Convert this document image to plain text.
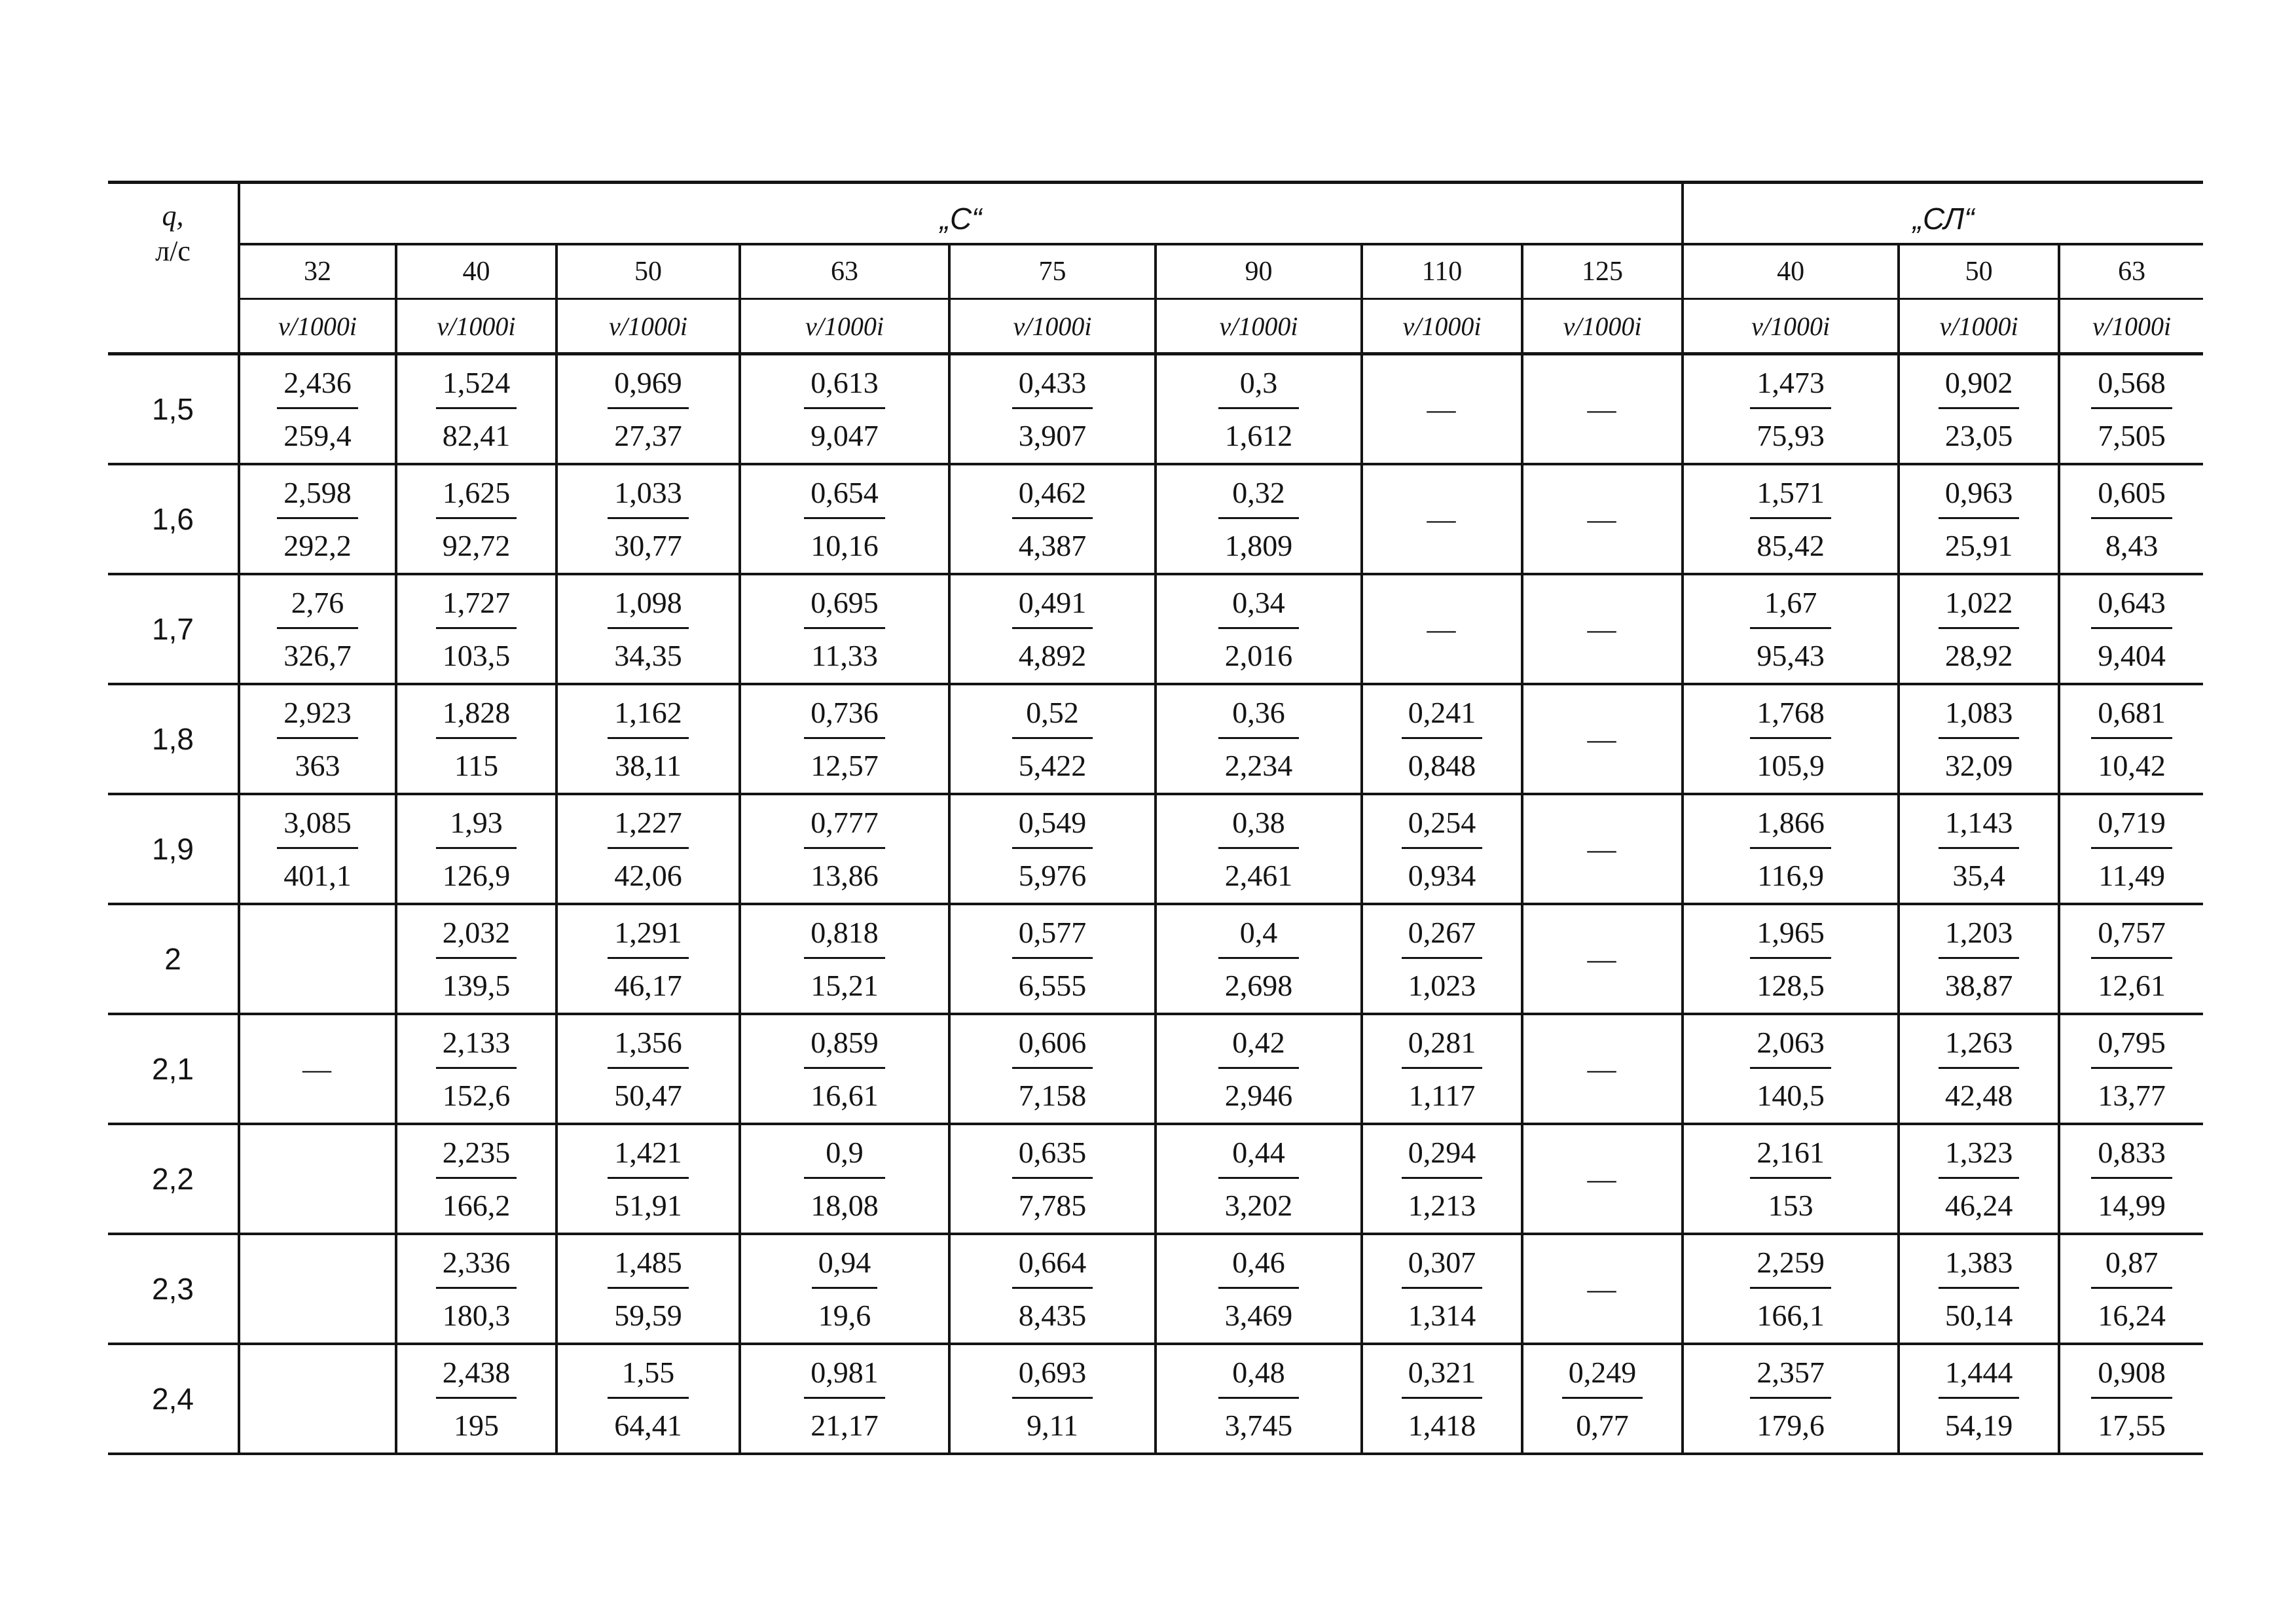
q,
л/с	„С“								„СЛ“		
	32	40	50	63	75	90	110	125	40	50	63
	v/1000i	v/1000i	v/1000i	v/1000i	v/1000i	v/1000i	v/1000i	v/1000i	v/1000i	v/1000i	v/1000i
1,5	$\frac{2,436}{259,4}$	$\frac{1,524}{82,41}$	$\frac{0,969}{27,37}$	$\frac{0,613}{9,047}$	$\frac{0,433}{3,907}$	$\frac{0,3}{1,612}$	—	—	$\frac{1,473}{75,93}$	$\frac{0,902}{23,05}$	$\frac{0,568}{7,505}$

1,6	$\frac{2,598}{292,2}$	$\frac{1,625}{92,72}$	$\frac{1,033}{30,77}$	$\frac{0,654}{10,16}$	$\frac{0,462}{4,387}$	$\frac{0,32}{1,809}$	—	—	$\frac{1,571}{85,42}$	$\frac{0,963}{25,91}$	$\frac{0,605}{8,43}$

1,7	$\frac{2,76}{326,7}$	$\frac{1,727}{103,5}$	$\frac{1,098}{34,35}$	$\frac{0,695}{11,33}$	$\frac{0,491}{4,892}$	$\frac{0,34}{2,016}$	—	—	$\frac{1,67}{95,43}$	$\frac{1,022}{28,92}$	$\frac{0,643}{9,404}$

1,8	$\frac{2,923}{363}$	$\frac{1,828}{115}$	$\frac{1,162}{38,11}$	$\frac{0,736}{12,57}$	$\frac{0,52}{5,422}$	$\frac{0,36}{2,234}$	$\frac{0,241}{0,848}$	—	$\frac{1,768}{105,9}$	$\frac{1,083}{32,09}$	$\frac{0,681}{10,42}$

1,9	$\frac{3,085}{401,1}$	$\frac{1,93}{126,9}$	$\frac{1,227}{42,06}$	$\frac{0,777}{13,86}$	$\frac{0,549}{5,976}$	$\frac{0,38}{2,461}$	$\frac{0,254}{0,934}$	—	$\frac{1,866}{116,9}$	$\frac{1,143}{35,4}$	$\frac{0,719}{11,49}$

2		$\frac{2,032}{139,5}$	$\frac{1,291}{46,17}$	$\frac{0,818}{15,21}$	$\frac{0,577}{6,555}$	$\frac{0,4}{2,698}$	$\frac{0,267}{1,023}$	—	$\frac{1,965}{128,5}$	$\frac{1,203}{38,87}$	$\frac{0,757}{12,61}$

2,1	—	$\frac{2,133}{152,6}$	$\frac{1,356}{50,47}$	$\frac{0,859}{16,61}$	$\frac{0,606}{7,158}$	$\frac{0,42}{2,946}$	$\frac{0,281}{1,117}$	—	$\frac{2,063}{140,5}$	$\frac{1,263}{42,48}$	$\frac{0,795}{13,77}$

2,2		$\frac{2,235}{166,2}$	$\frac{1,421}{51,91}$	$\frac{0,9}{18,08}$	$\frac{0,635}{7,785}$	$\frac{0,44}{3,202}$	$\frac{0,294}{1,213}$	—	$\frac{2,161}{153}$	$\frac{1,323}{46,24}$	$\frac{0,833}{14,99}$

2,3		$\frac{2,336}{180,3}$	$\frac{1,485}{59,59}$	$\frac{0,94}{19,6}$	$\frac{0,664}{8,435}$	$\frac{0,46}{3,469}$	$\frac{0,307}{1,314}$	—	$\frac{2,259}{166,1}$	$\frac{1,383}{50,14}$	$\frac{0,87}{16,24}$

2,4		$\frac{2,438}{195}$	$\frac{1,55}{64,41}$	$\frac{0,981}{21,17}$	$\frac{0,693}{9,11}$	$\frac{0,48}{3,745}$	$\frac{0,321}{1,418}$	$\frac{0,249}{0,77}$	$\frac{2,357}{179,6}$	$\frac{1,444}{54,19}$	$\frac{0,908}{17,55}$
